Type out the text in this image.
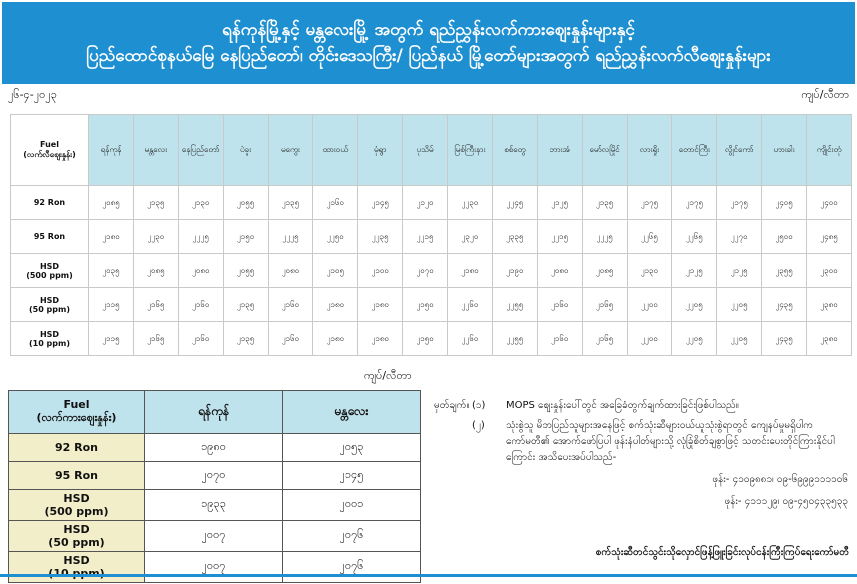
ရန်ကုန်မြို့နှင့် မန္တလေးမြို့ အတွက် ရည်ညွှန်းလက်ကားဈေးနှုန်းများနှင့်
ပြည်ထောင်စုနယ်မြေ နေပြည်တော်၊ တိုင်းဒေသကြီး/ ပြည်နယ် မြို့တော်များအတွက် ရည်ညွှန်းလက်လီဈေးနှုန်းများ
၂၆-၄-၂၀၂၃	ကျပ်/လီတာ
Fuel
(လက်လီဈေးနှုန်း)	ရန်ကုန်	မန္တလေး	နေပြည်တော်	ပဲခူး	မကွေး	ထားဝယ်	မုံရွာ	ပုသိမ်	မြစ်ကြီးနား	စစ်တွေ	ဘားအံ	မော်လမြိုင်	လားရှိုး	တောင်ကြီး	လွိုင်ကော်	ဟားခါး	ကျိုင်းတုံ
92 Ron	၂၀၈၅	၂၁၃၅	၂၁၃၀	၂၀၅၅	၂၁၃၅	၂၁၆၀	၂၁၄၅	၂၁၂၀	၂၂၃၀	၂၂၄၅	၂၁၂၅	၂၁၃၅	၂၁၇၅	၂၁၇၅	၂၁၇၅	၂၄၀၅	၂၄၀၀
95 Ron	၂၁၈၀	၂၂၃၀	၂၂၂၅	၂၁၅၀	၂၂၂၅	၂၂၅၀	၂၂၃၅	၂၂၁၅	၂၃၂၀	၂၃၃၅	၂၂၁၅	၂၂၂၅	၂၂၆၅	၂၂၆၅	၂၂၇၀	၂၅၀၀	၂၄၈၅
HSD
(500 ppm)	၂၀၃၅	၂၀၈၅	၂၀၈၀	၂၀၅၅	၂၀၈၀	၂၁၀၅	၂၁၀၀	၂၀၇၀	၂၁၈၀	၂၁၉၀	၂၀၈၀	၂၀၈၅	၂၁၃၀	၂၁၂၅	၂၁၂၅	၂၃၅၅	၂၃၀၀
HSD
(50 ppm)	၂၁၁၅	၂၁၆၅	၂၁၆၀	၂၁၃၅	၂၁၆၀	၂၁၈၀	၂၁၈၀	၂၁၅၀	၂၂၆၀	၂၂၅၅	၂၁၆၀	၂၁၆၅	၂၂၀၀	၂၂၀၅	၂၂၀၅	၂၄၃၅	၂၃၈၀
HSD
(10 ppm)	၂၁၁၅	၂၁၆၅	၂၁၆၀	၂၁၃၅	၂၁၆၀	၂၁၈၀	၂၁၈၀	၂၁၅၀	၂၂၆၀	၂၂၅၅	၂၁၆၀	၂၁၆၅	၂၂၀၀	၂၂၀၅	၂၂၀၅	၂၄၃၅	၂၃၈၀
ကျပ်/လီတာ
Fuel
(လက်ကားဈေးနှုန်း)	ရန်ကုန်	မန္တလေး
92 Ron	၁၉၈၀	၂၀၅၃
95 Ron	၂၀၇၀	၂၁၄၅
HSD
(500 ppm)	၁၉၃၃	၂၀၀၁
HSD
(50 ppm)	၂၀၀၇	၂၀၇၆
HSD	၂၀၀၇	၂၀၇၆
မှတ်ချက်။ (၁)	MOPS ဈေးနှုန်းပေါ်တွင် အခြေခံတွက်ချက်ထားခြင်းဖြစ်ပါသည်။
(၂)	သုံးစွဲသူ မိဘပြည်သူများအနေဖြင့် စက်သုံးဆီများဝယ်ယူသုံးစွဲရာတွင် ကျေနပ်မှုမရှိပါက ကော်မတီ၏ အောက်ဖော်ပြပါ ဖုန်းနံပါတ်များသို့ လုံခြုံစိတ်ချစွာဖြင့် သတင်းပေးတိုင်ကြားနိုင်ပါကြောင်း အသိပေးအပ်ပါသည်-
ဖုန်း- ၄၁၀၉၈၈၁၊ ၀၉-၆၉၉၉၁၁၁၁၀၆
ဖုန်း- ၄၁၁၁၂၉၊ ၀၉-၄၅၀၄၃၃၅၃၃
စက်သုံးဆီတင်သွင်းသိုလှောင်ဖြန့်ဖြူးခြင်းလုပ်ငန်းကြီးကြပ်ရေးကော်မတီ
